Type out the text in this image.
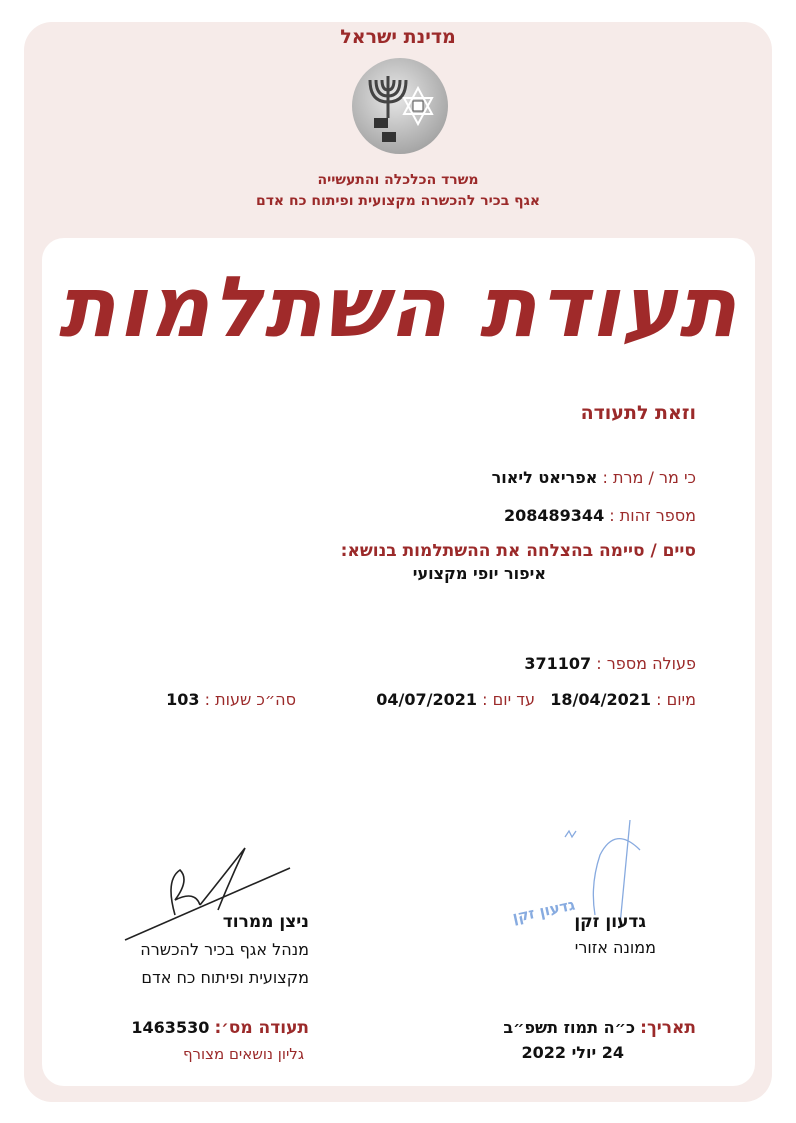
מדינת ישראל
משרד הכלכלה והתעשייה
אגף בכיר להכשרה מקצועית ופיתוח כח אדם
תעודת השתלמות
וזאת לתעודה
כי מר / מרת : אפריאט ליאור
מספר זהות : 208489344
סיים / סיימה בהצלחה את ההשתלמות בנושא:
איפור יופי מקצועי
פעולה מספר : 371107
מיום : 18/04/2021   עד יום : 04/07/2021
סה״כ שעות : 103
גדעון זקן
גדעון זקן
ממונה אזורי
ניצן ממרוד
מנהל אגף בכיר להכשרה
מקצועית ופיתוח כח אדם
תאריך: כ״ה תמוז תשפ״ב
24 יולי 2022
תעודה מס׳: 1463530
גליון נושאים מצורף
